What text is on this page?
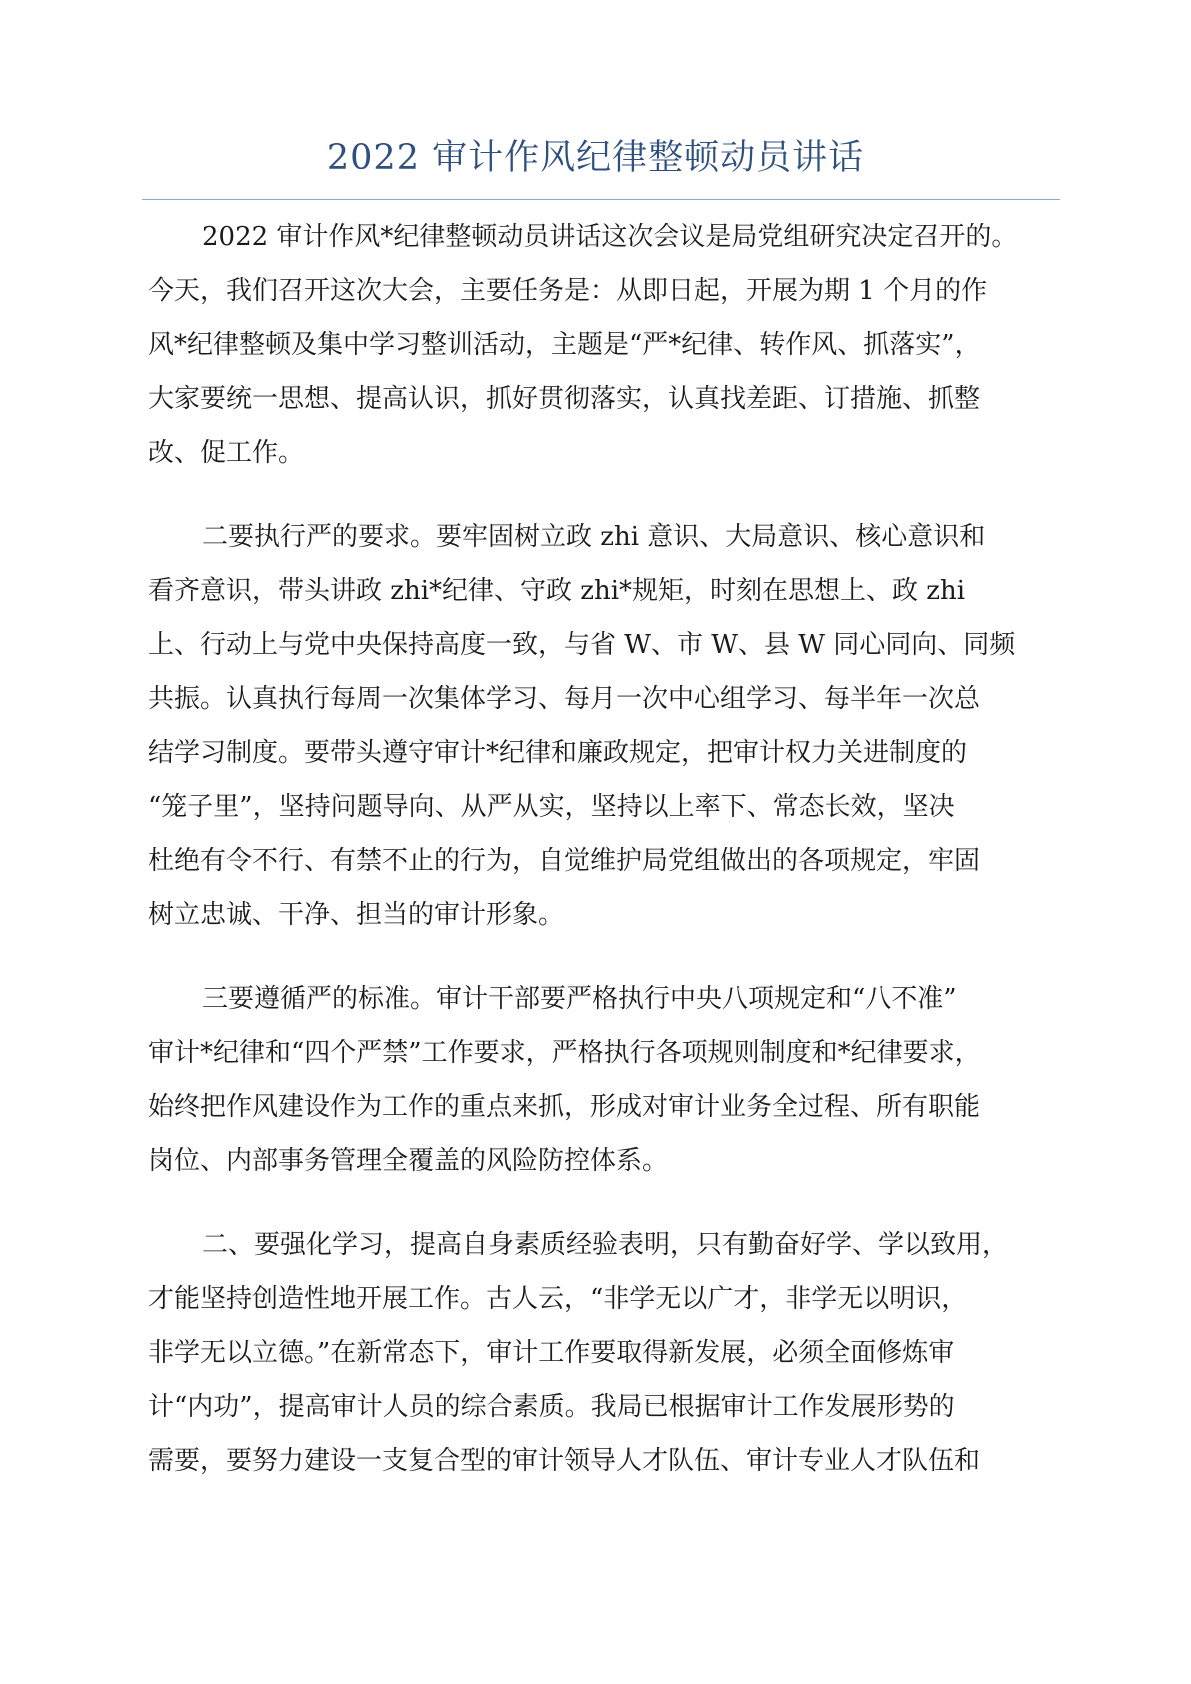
2022 审计作风纪律整顿动员讲话
2022 审计作风*纪律整顿动员讲话这次会议是局党组研究决定召开的。
今天，我们召开这次大会，主要任务是：从即日起，开展为期 1 个月的作
风*纪律整顿及集中学习整训活动，主题是“严*纪律、转作风、抓落实”，
大家要统一思想、提高认识，抓好贯彻落实，认真找差距、订措施、抓整
改、促工作。
二要执行严的要求。要牢固树立政 zhi 意识、大局意识、核心意识和
看齐意识，带头讲政 zhi*纪律、守政 zhi*规矩，时刻在思想上、政 zhi
上、行动上与党中央保持高度一致，与省 W、市 W、县 W 同心同向、同频
共振。认真执行每周一次集体学习、每月一次中心组学习、每半年一次总
结学习制度。要带头遵守审计*纪律和廉政规定，把审计权力关进制度的
“笼子里”，坚持问题导向、从严从实，坚持以上率下、常态长效，坚决
杜绝有令不行、有禁不止的行为，自觉维护局党组做出的各项规定，牢固
树立忠诚、干净、担当的审计形象。
三要遵循严的标准。审计干部要严格执行中央八项规定和“八不准”
审计*纪律和“四个严禁”工作要求，严格执行各项规则制度和*纪律要求，
始终把作风建设作为工作的重点来抓，形成对审计业务全过程、所有职能
岗位、内部事务管理全覆盖的风险防控体系。
二、要强化学习，提高自身素质经验表明，只有勤奋好学、学以致用，
才能坚持创造性地开展工作。古人云，“非学无以广才，非学无以明识，
非学无以立德。”在新常态下，审计工作要取得新发展，必须全面修炼审
计“内功”，提高审计人员的综合素质。我局已根据审计工作发展形势的
需要，要努力建设一支复合型的审计领导人才队伍、审计专业人才队伍和
